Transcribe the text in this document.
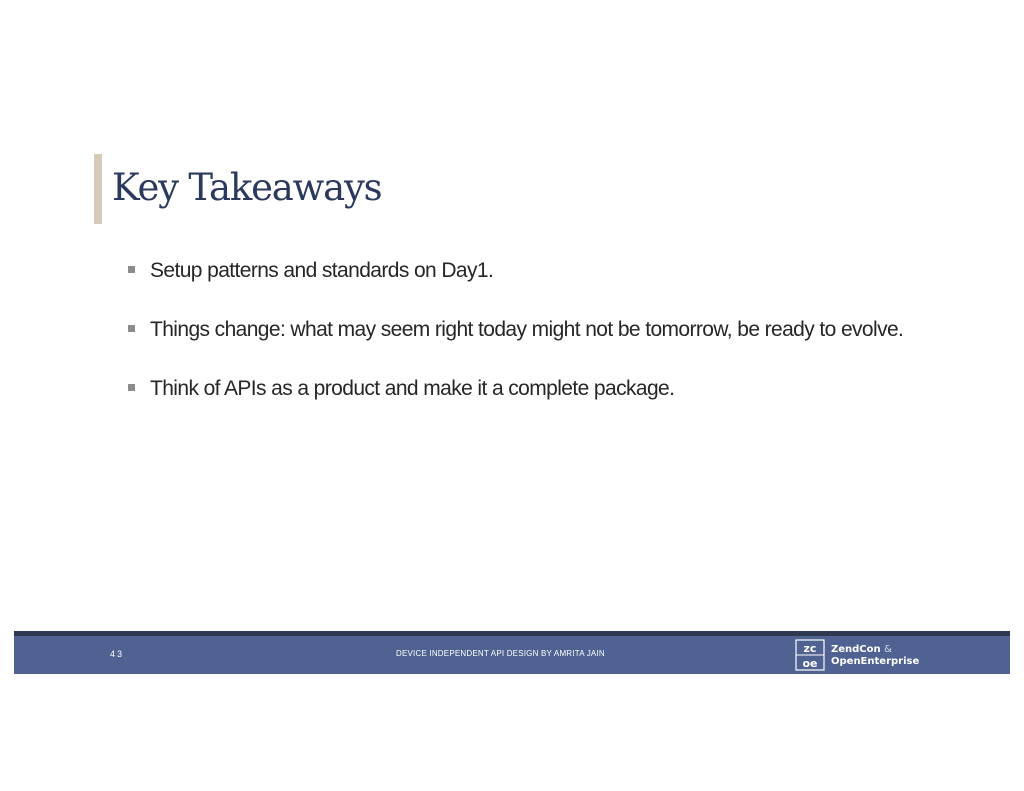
Key Takeaways
Setup patterns and standards on Day1.
Things change: what may seem right today might not be tomorrow, be ready to evolve.
Think of APIs as a product and make it a complete package.
43	DEVICE INDEPENDENT API DESIGN BY AMRITA JAIN	zc
oe
ZendCon &
OpenEnterprise
